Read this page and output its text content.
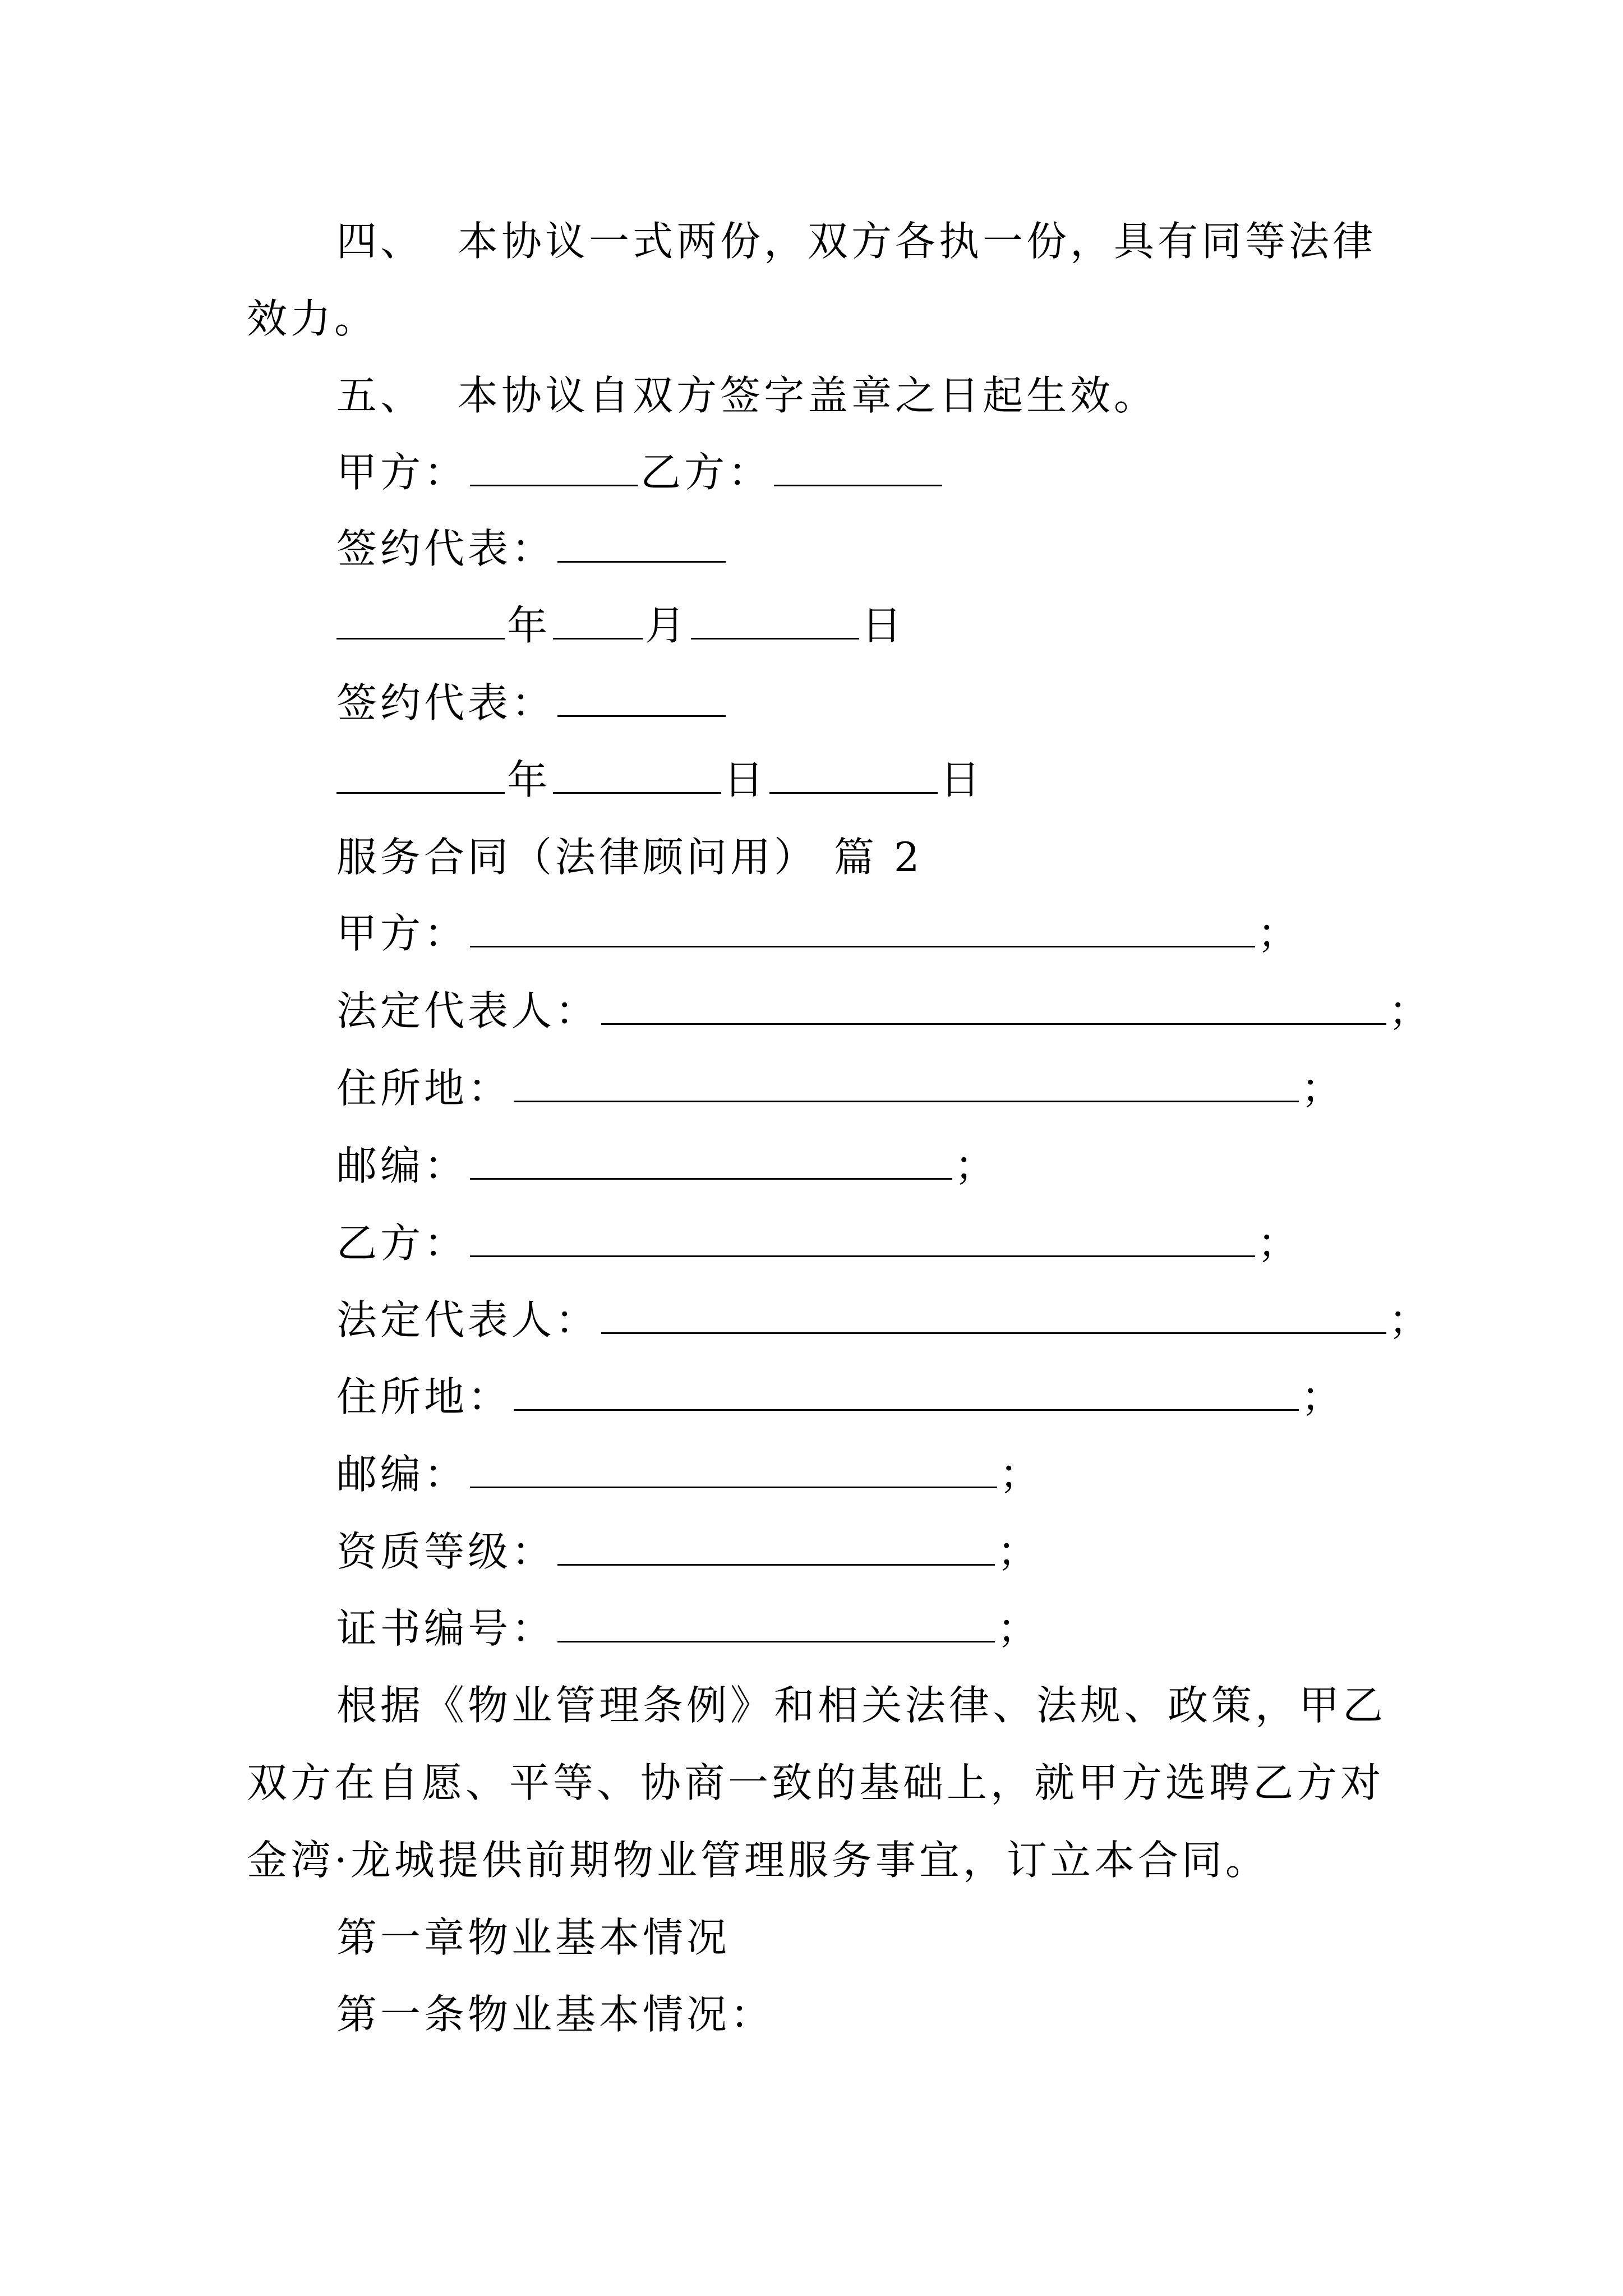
四、 本协议一式两份，双方各执一份，具有同等法律
效力。
五、 本协议自双方签字盖章之日起生效。
甲方：	乙方：
签约代表：
年 月	日
签约代表：
年	日	日
服务合同（法律顾问用） 篇 2
甲方：	；
法定代表人：	；
住所地：	；
邮编：	；
乙方：	；
法定代表人：	；
住所地：	；
邮编：	；
资质等级：	；
证书编号：	；
根据《物业管理条例》和相关法律、法规、政策，甲乙
双方在自愿、平等、协商一致的基础上，就甲方选聘乙方对
金湾·龙城提供前期物业管理服务事宜，订立本合同。
第一章物业基本情况
第一条物业基本情况：
